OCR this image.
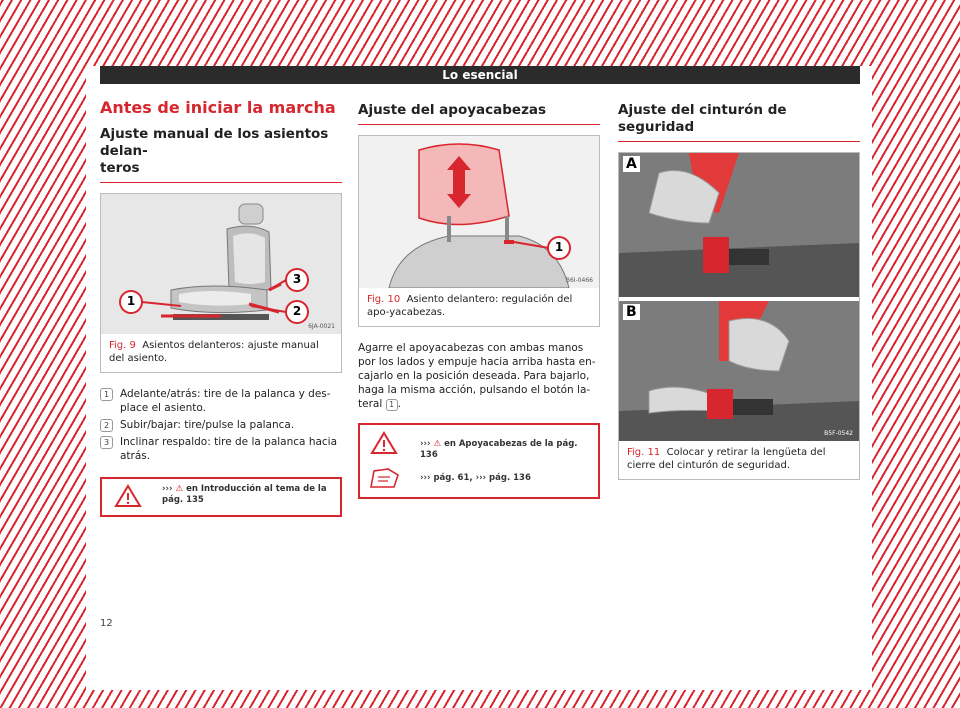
Lo esencial
Antes de iniciar la marcha
Ajuste manual de los asientos delan-
teros
6JA-0021
3
2
1
Fig. 9 Asientos delanteros: ajuste manual del asiento.
1	Adelante/atrás: tire de la palanca y des-
place el asiento.
2	Subir/bajar: tire/pulse la palanca.
3	Inclinar respaldo: tire de la palanca hacia
atrás.
››› ⚠ en Introducción al tema de la
pág. 135
Ajuste del apoyacabezas
B6I-0466
1
Fig. 10 Asiento delantero: regulación del apo-yacabezas.
Agarre el apoyacabezas con ambas manos
por los lados y empuje hacia arriba hasta en-
cajarlo en la posición deseada. Para bajarlo,
haga la misma acción, pulsando el botón la-
teral 1 .
››› ⚠ en Apoyacabezas de la pág. 136
››› pág. 61, ››› pág. 136
Ajuste del cinturón de seguridad
A
B
B5F-0542
Fig. 11 Colocar y retirar la lengüeta del cierre del cinturón de seguridad.
12
